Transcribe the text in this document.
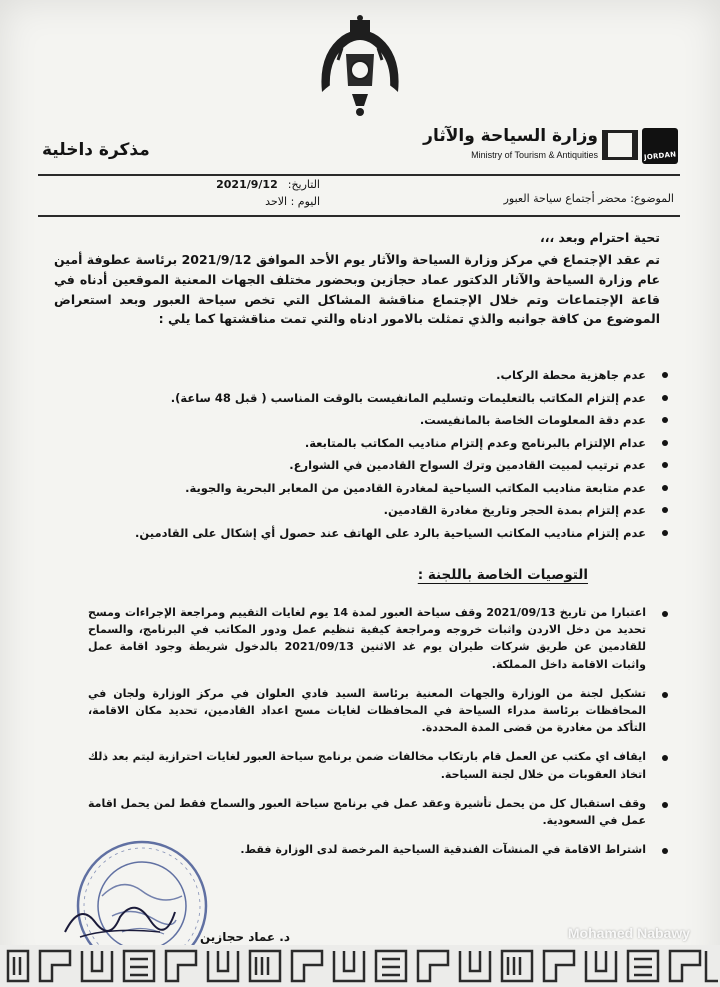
JORDAN
وزارة السياحة والآثار
Ministry of Tourism & Antiquities
مذكرة داخلية
الموضوع: محضر أجتماع سياحة العبور
التاريخ:
2021/9/12
اليوم : الاحد
تحية احترام وبعد ،،،
تم عقد الإجتماع في مركز وزارة السياحة والآثار يوم الأحد الموافق 2021/9/12 برئاسة عطوفة أمين عام وزارة السياحة والآثار الدكتور عماد حجازين وبحضور مختلف الجهات المعنية الموقعين أدناه في قاعة الإجتماعات وتم خلال الإجتماع مناقشة المشاكل التي تخص سياحة العبور وبعد استعراض الموضوع من كافة جوانبه والذي تمثلت بالامور ادناه والتي تمت مناقشتها كما يلي :
عدم جاهزية محطة الركاب.
عدم إلتزام المكاتب بالتعليمات وتسليم المانفيست بالوقت المناسب ( قبل 48 ساعة).
عدم دقة المعلومات الخاصة بالمانفيست.
عدام الإلتزام بالبرنامج وعدم إلتزام مناديب المكاتب بالمتابعة.
عدم ترتيب لمبيت القادمين وترك السواح القادمين في الشوارع.
عدم متابعة مناديب المكاتب السياحية لمغادرة القادمين من المعابر البحرية والجوية.
عدم إلتزام بمدة الحجر وتاريخ مغادرة القادمين.
عدم إلتزام مناديب المكاتب السياحية بالرد على الهاتف عند حصول أي إشكال على القادمين.
التوصيات الخاصة باللجنة :
اعتبارا من تاريخ 2021/09/13 وقف سياحة العبور لمدة 14 يوم لغايات التقييم ومراجعة الإجراءات ومسح تحديد من دخل الاردن واثبات خروجه ومراجعة كيفية تنظيم عمل ودور المكاتب في البرنامج، والسماح للقادمين عن طريق شركات طيران يوم غد الاثنين 2021/09/13 بالدخول شريطة وجود اقامة عمل واثبات الاقامة داخل المملكة.
تشكيل لجنة من الوزارة والجهات المعنية برئاسة السيد فادي العلوان في مركز الوزارة ولجان في المحافظات برئاسة مدراء السياحة في المحافظات لغايات مسح اعداد القادمين، تحديد مكان الاقامة، التأكد من مغادرة من قضى المدة المحددة.
ايقاف اي مكتب عن العمل قام بارتكاب مخالفات ضمن برنامج سياحة العبور لغايات احترازية ليتم بعد ذلك اتخاذ العقوبات من خلال لجنة السياحة.
وقف استقبال كل من يحمل تأشيرة وعقد عمل في برنامج سياحة العبور والسماح فقط لمن يحمل اقامة عمل في السعودية.
اشتراط الاقامة في المنشآت الفندقية السياحية المرخصة لدى الوزارة فقط.
د. عماد حجازين	Mohamed Nabawy
